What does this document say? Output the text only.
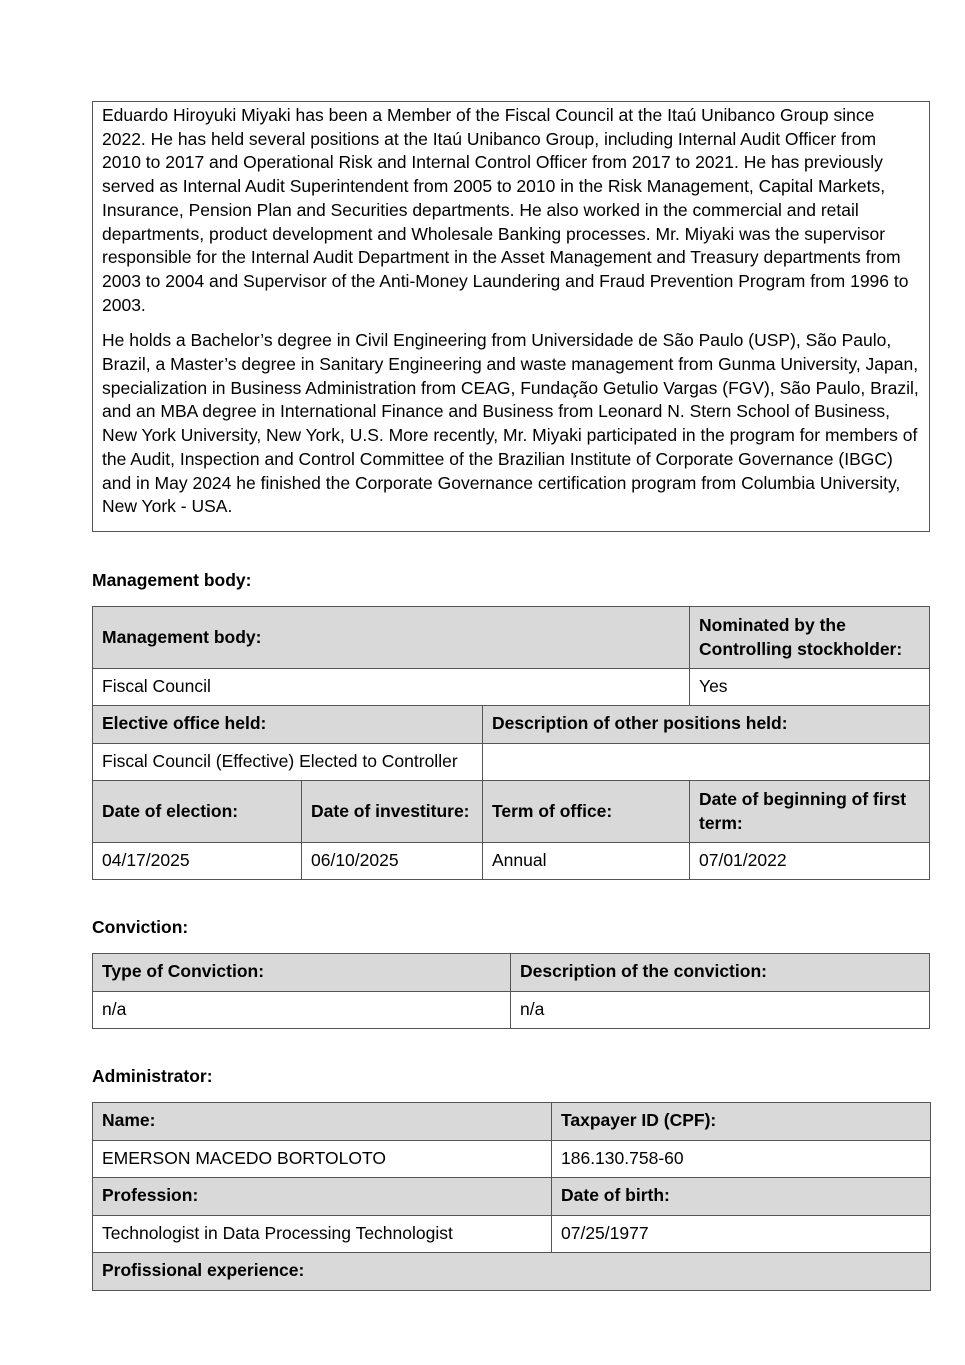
Eduardo Hiroyuki Miyaki has been a Member of the Fiscal Council at the Itaú Unibanco Group since 2022. He has held several positions at the Itaú Unibanco Group, including Internal Audit Officer from 2010 to 2017 and Operational Risk and Internal Control Officer from 2017 to 2021. He has previously served as Internal Audit Superintendent from 2005 to 2010 in the Risk Management, Capital Markets, Insurance, Pension Plan and Securities departments. He also worked in the commercial and retail departments, product development and Wholesale Banking processes. Mr. Miyaki was the supervisor responsible for the Internal Audit Department in the Asset Management and Treasury departments from 2003 to 2004 and Supervisor of the Anti-Money Laundering and Fraud Prevention Program from 1996 to 2003.

He holds a Bachelor’s degree in Civil Engineering from Universidade de São Paulo (USP), São Paulo, Brazil, a Master’s degree in Sanitary Engineering and waste management from Gunma University, Japan, specialization in Business Administration from CEAG, Fundação Getulio Vargas (FGV), São Paulo, Brazil, and an MBA degree in International Finance and Business from Leonard N. Stern School of Business, New York University, New York, U.S. More recently, Mr. Miyaki participated in the program for members of the Audit, Inspection and Control Committee of the Brazilian Institute of Corporate Governance (IBGC) and in May 2024 he finished the Corporate Governance certification program from Columbia University, New York - USA.

Management body:
Management body:			Nominated by the Controlling stockholder:
Fiscal Council			Yes
Elective office held:		Description of other positions held:	
Fiscal Council (Effective) Elected to Controller			
Date of election:	Date of investiture:	Term of office:	Date of beginning of first term:
04/17/2025	06/10/2025	Annual	07/01/2022
Conviction:
Type of Conviction:	Description of the conviction:
n/a	n/a
Administrator:
Name:	Taxpayer ID (CPF):
EMERSON MACEDO BORTOLOTO	186.130.758-60
Profession:	Date of birth:
Technologist in Data Processing Technologist	07/25/1977
Profissional experience:	
